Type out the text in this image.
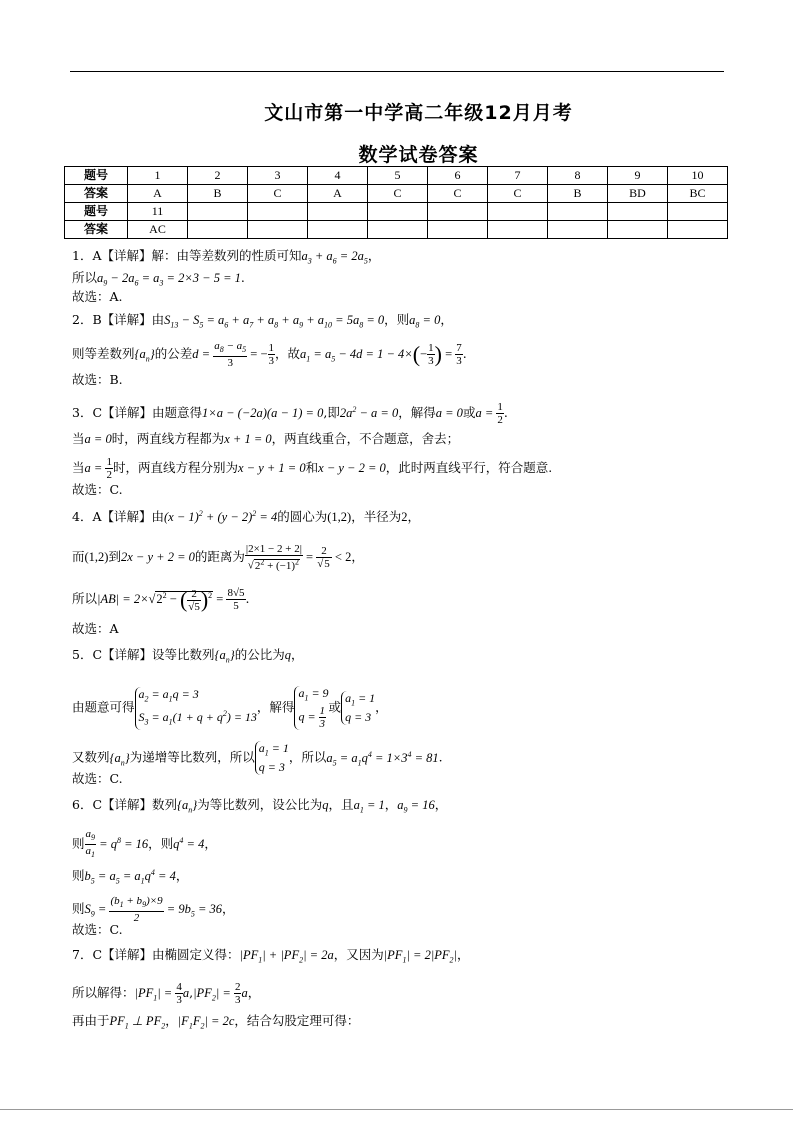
文山市第一中学高二年级12月月考
数学试卷答案
题号	1	2	3	4	5	6	7	8	9	10
答案	A	B	C	A	C	C	C	B	BD	BC
题号	11									
答案	AC									
1．A【详解】解：由等差数列的性质可知$a_3 + a_6 = 2a_5$，
所以$a_9 - 2a_6 = a_3 = 2\times 3 - 5 = 1$.
故选：A.
2．B【详解】由$S_{13} - S_5 = a_6 + a_7 + a_8 + a_9 + a_{10} = 5a_8 = 0$，则$a_8 = 0$，
则等差数列$\{a_n\}$的公差$d = \frac{a_8 - a_5}{3}$ = − $\frac{1}{3}$ ，故$a_1 = a_5 - 4d = 1 - 4\times(- \frac{1}{3}$ ) = $\frac{7}{3}$ .
故选：B.
3．C【详解】由题意得1×a − (−2a)(a − 1) = 0,即$2a^2 - a = 0$，解得a = 0或$a = \frac{1}{2}$ .
当a = 0时，两直线方程都为x + 1 = 0，两直线重合，不合题意，舍去；
当$a = \frac{1}{2}$ 时，两直线方程分别为x − y + 1 = 0和x − y − 2 = 0，此时两直线平行，符合题意.
故选：C.
4．A【详解】由$(x - 1)^2 + (y - 2)^2 = 4$的圆心为(1,2)，半径为2，
而(1,2)到2x − y + 2 = 0的距离为 $\frac{|2\times 1 - 2 + 2|}{√2^2 + (-1)^2} = \frac{2}{√5} < 2$，
所以$|AB| = 2\times√2^2$ − ( $\frac{2}{√5} )^2 = \frac{8√5}{5}$ .
故选：A
5．C【详解】设等比数列$\{a_n\}$的公比为q，
由题意可得$a_2 = a_1q = 3$
$S_3 = a_1(1 + q + q^2) = 13$，解得$a_1 = 9$
$q = \frac{1}{3}$ 或$a_1 = 1$
q = 3，
又数列$\{a_n\}$为递增等比数列，所以$a_1 = 1$
q = 3，所以$a_5 = a_1q^4 = 1\times 3^4 = 81$.
故选：C.
6．C【详解】数列$\{a_n\}$为等比数列，设公比为q，且$a_1 = 1$，$a_9 = 16$，
则 $\frac{a_9}{a_1} = q^8 = 16$，则$q^4 = 4$，
则$b_5 = a_5 = a_1q^4 = 4$，
则$S_9 = \frac{(b_1 + b_9)\times 9}{2} = 9b_5 = 36$，
故选：C.
7．C【详解】由椭圆定义得：$|PF_1| + |PF_2| = 2a$，又因为$|PF_1| = 2|PF_2|$，
所以解得：$|PF_1| = \frac{4}{3} a,|PF_2| = \frac{2}{3}$ a，
再由于$PF_1$ ⊥ $PF_2$，$|F_1F_2| = 2c$，结合勾股定理可得：
